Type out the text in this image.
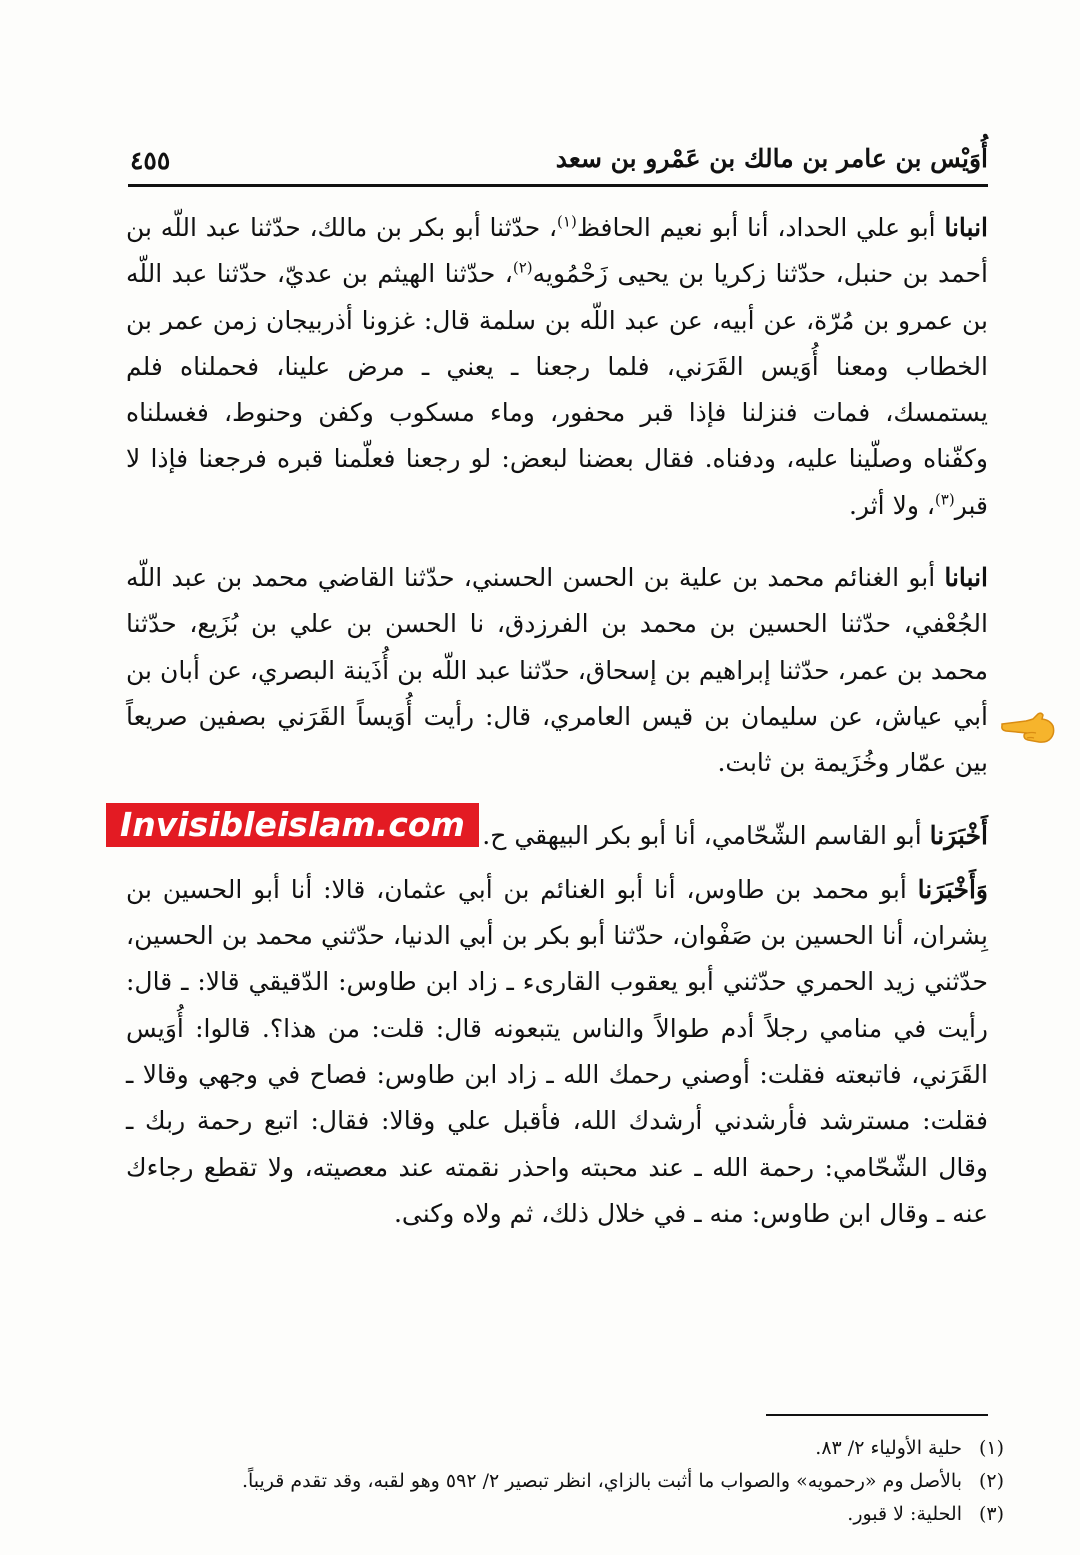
أُوَيْس بن عامر بن مالك بن عَمْرو بن سعد
٤٥٥

انبانا أبو علي الحداد، أنا أبو نعيم الحافظ$^{(١)}$، حدّثنا أبو بكر بن مالك، حدّثنا عبد اللّه بن أحمد بن حنبل، حدّثنا زكريا بن يحيى زَحْمُويه$^{(٢)}$، حدّثنا الهيثم بن عديّ، حدّثنا عبد اللّه بن عمرو بن مُرّة، عن أبيه، عن عبد اللّه بن سلمة قال: غزونا أذربيجان زمن عمر بن الخطاب ومعنا أُوَيس القَرَني، فلما رجعنا ـ يعني ـ مرض علينا، فحملناه فلم يستمسك، فمات فنزلنا فإذا قبر محفور، وماء مسكوب وكفن وحنوط، فغسلناه وكفّناه وصلّينا عليه، ودفناه. فقال بعضنا لبعض: لو رجعنا فعلّمنا قبره فرجعنا فإذا لا قبر$^{(٣)}$، ولا أثر.

انبانا أبو الغنائم محمد بن علية بن الحسن الحسني، حدّثنا القاضي محمد بن عبد اللّه الجُعْفي، حدّثنا الحسين بن محمد بن الفرزدق، نا الحسن بن علي بن بُزَيع، حدّثنا محمد بن عمر، حدّثنا إبراهيم بن إسحاق، حدّثنا عبد اللّه بن أُذَينة البصري، عن أبان بن أبي عياش، عن سليمان بن قيس العامري، قال: رأيت أُوَيساً القَرَني بصفين صريعاً بين عمّار وخُزَيمة بن ثابت.

أَخْبَرَنا أبو القاسم الشّحّامي، أنا أبو بكر البيهقي ح.

وَأَخْبَرَنا أبو محمد بن طاوس، أنا أبو الغنائم بن أبي عثمان، قالا: أنا أبو الحسين بن بِشران، أنا الحسين بن صَفْوان، حدّثنا أبو بكر بن أبي الدنيا، حدّثني محمد بن الحسين، حدّثني زيد الحمري حدّثني أبو يعقوب القارىء ـ زاد ابن طاوس: الدّقيقي قالا: ـ قال: رأيت في منامي رجلاً أدم طوالاً والناس يتبعونه قال: قلت: من هذا؟. قالوا: أُوَيس القَرَني، فاتبعته فقلت: أوصني رحمك الله ـ زاد ابن طاوس: فصاح في وجهي وقالا ـ فقلت: مسترشد فأرشدني أرشدك الله، فأقبل علي وقالا: فقال: اتبع رحمة ربك ـ وقال الشّحّامي: رحمة الله ـ عند محبته واحذر نقمته عند معصيته، ولا تقطع رجاءك عنه ـ وقال ابن طاوس: منه ـ في خلال ذلك، ثم ولاه وكنى.

Invisibleislam.com

(١)حلية الأولياء ٢/ ٨٣.

(٢)بالأصل وم «رحمويه» والصواب ما أثبت بالزاي، انظر تبصير ٢/ ٥٩٢ وهو لقبه، وقد تقدم قريباً.

(٣)الحلية: لا قبور.
